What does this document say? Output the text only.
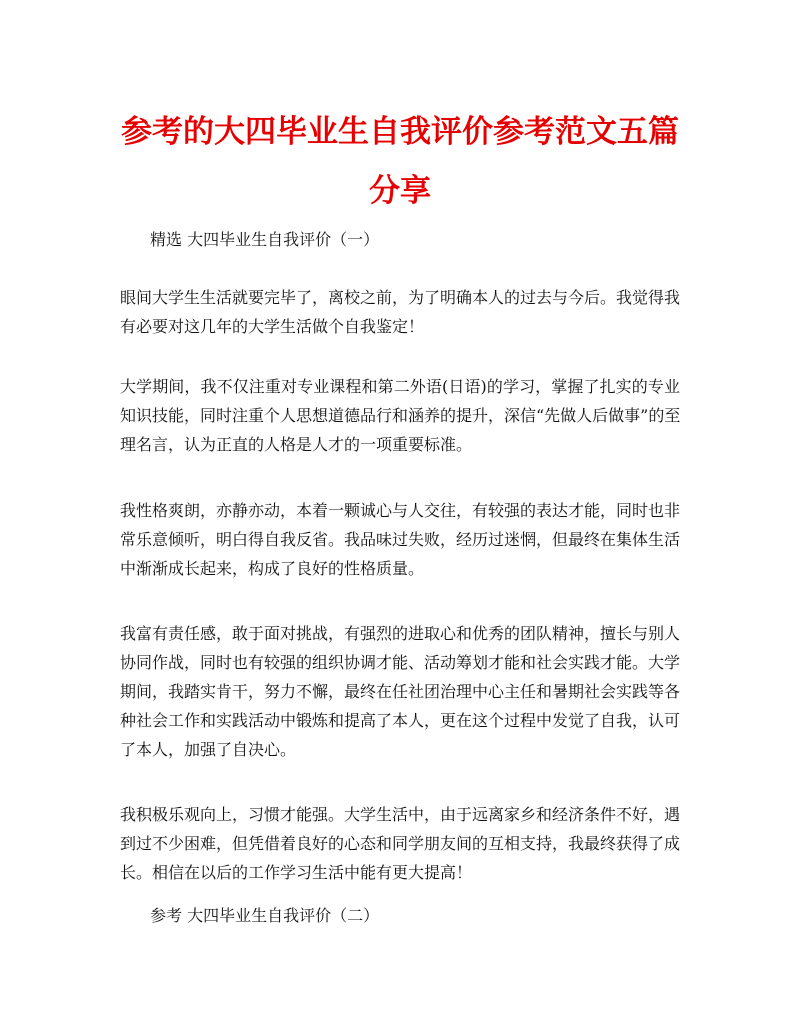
参考的大四毕业生自我评价参考范文五篇
分享
精选 大四毕业生自我评价（一）

眼间大学生生活就要完毕了，离校之前，为了明确本人的过去与今后。我觉得我
有必要对这几年的大学生活做个自我鉴定！

大学期间，我不仅注重对专业课程和第二外语(日语)的学习，掌握了扎实的专业
知识技能，同时注重个人思想道德品行和涵养的提升，深信“先做人后做事”的至
理名言，认为正直的人格是人才的一项重要标准。

我性格爽朗，亦静亦动，本着一颗诚心与人交往，有较强的表达才能，同时也非
常乐意倾听，明白得自我反省。我品味过失败，经历过迷惘，但最终在集体生活
中渐渐成长起来，构成了良好的性格质量。

我富有责任感，敢于面对挑战，有强烈的进取心和优秀的团队精神，擅长与别人
协同作战，同时也有较强的组织协调才能、活动筹划才能和社会实践才能。大学
期间，我踏实肯干，努力不懈，最终在任社团治理中心主任和暑期社会实践等各
种社会工作和实践活动中锻炼和提高了本人，更在这个过程中发觉了自我，认可
了本人，加强了自决心。

我积极乐观向上，习惯才能强。大学生活中，由于远离家乡和经济条件不好，遇
到过不少困难，但凭借着良好的心态和同学朋友间的互相支持，我最终获得了成
长。相信在以后的工作学习生活中能有更大提高！

参考 大四毕业生自我评价（二）
